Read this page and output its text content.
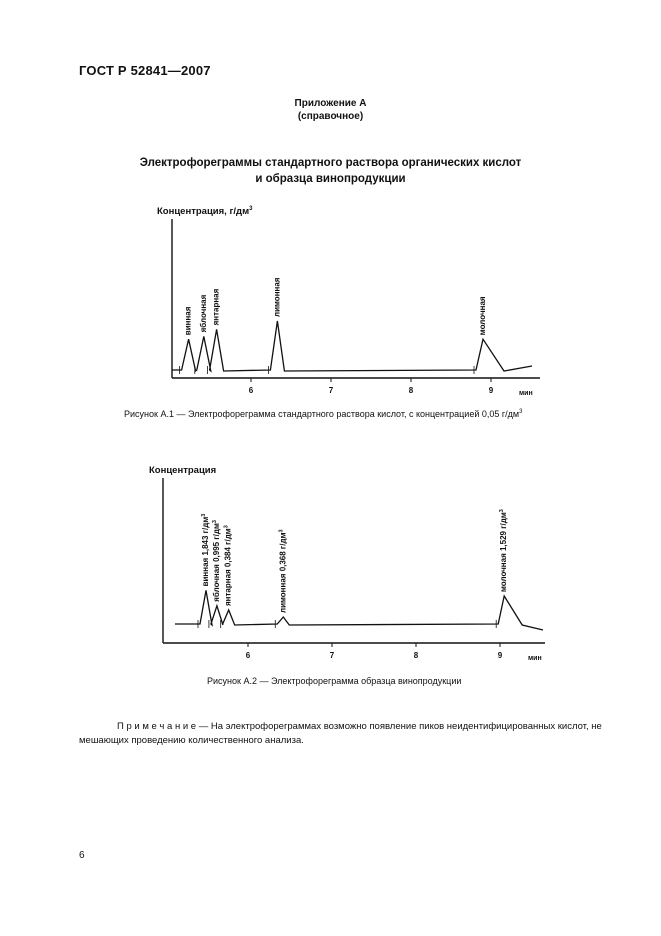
ГОСТ Р 52841—2007
Приложение А
(справочное)
Электрофореграммы стандартного раствора органических кислот
и образца винопродукции
Концентрация, $г/дм^3$
6	7	8	9	мин
винная яблочная янтарная	лимонная	молочная
Рисунок А.1 — Электрофореграмма стандартного раствора кислот, с концентрацией 0,05 $г/дм^3$
Концентрация
6	7	8	9	мин
винная 1,843 $г/дм^3$
яблочная 0,995 $г/дм^3$
янтарная 0,384 $г/дм^3$
лимонная 0,368 $г/дм^3$	молочная 1,529 $г/дм^3$
Рисунок А.2 — Электрофореграмма образца винопродукции
П р и м е ч а н и е — На электрофореграммах возможно появление пиков неидентифицированных кислот, не мешающих проведению количественного анализа.
6
